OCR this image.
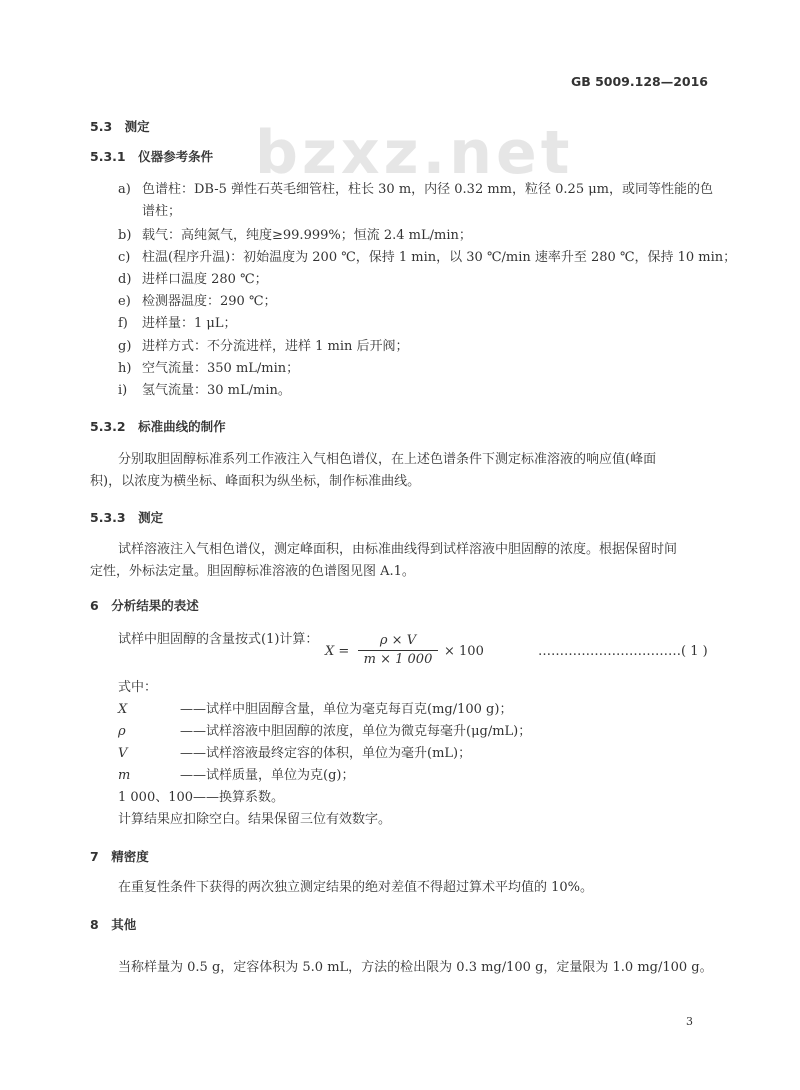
bzxz.net
GB 5009.128—2016
5.3　测定
5.3.1　仪器参考条件
a) 色谱柱：DB-5 弹性石英毛细管柱，柱长 30 m，内径 0.32 mm，粒径 0.25 μm，或同等性能的色
谱柱；
b) 载气：高纯氮气，纯度≥99.999%；恒流 2.4 mL/min；
c) 柱温(程序升温)：初始温度为 200 ℃，保持 1 min，以 30 ℃/min 速率升至 280 ℃，保持 10 min；
d) 进样口温度 280 ℃；
e) 检测器温度：290 ℃；
f) 进样量：1 μL；
g) 进样方式：不分流进样，进样 1 min 后开阀；
h) 空气流量：350 mL/min；
i) 氢气流量：30 mL/min。
5.3.2　标准曲线的制作
分别取胆固醇标准系列工作液注入气相色谱仪，在上述色谱条件下测定标准溶液的响应值(峰面
积)，以浓度为横坐标、峰面积为纵坐标，制作标准曲线。
5.3.3　测定
试样溶液注入气相色谱仪，测定峰面积，由标准曲线得到试样溶液中胆固醇的浓度。根据保留时间
定性，外标法定量。胆固醇标准溶液的色谱图见图 A.1。
6　分析结果的表述
试样中胆固醇的含量按式(1)计算：
$X = \frac{\rho \times V}{m \times 1 000} \times 100$	……………………………( 1 )
式中：
X	——试样中胆固醇含量，单位为毫克每百克(mg/100 g)；
ρ	——试样溶液中胆固醇的浓度，单位为微克每毫升(μg/mL)；
V	——试样溶液最终定容的体积，单位为毫升(mL)；
m	——试样质量，单位为克(g)；
1 000、100——换算系数。
计算结果应扣除空白。结果保留三位有效数字。
7　精密度
在重复性条件下获得的两次独立测定结果的绝对差值不得超过算术平均值的 10%。
8　其他
当称样量为 0.5 g，定容体积为 5.0 mL，方法的检出限为 0.3 mg/100 g，定量限为 1.0 mg/100 g。
3
